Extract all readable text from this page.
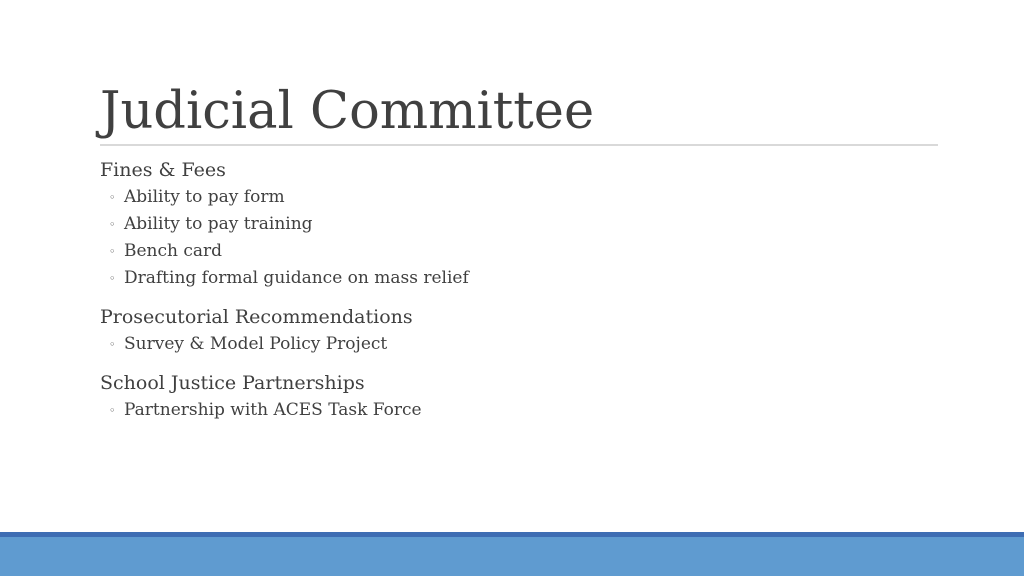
Judicial Committee
Fines & Fees
◦ Ability to pay form
◦ Ability to pay training
◦ Bench card
◦ Drafting formal guidance on mass relief
Prosecutorial Recommendations
◦ Survey & Model Policy Project
School Justice Partnerships
◦ Partnership with ACES Task Force
